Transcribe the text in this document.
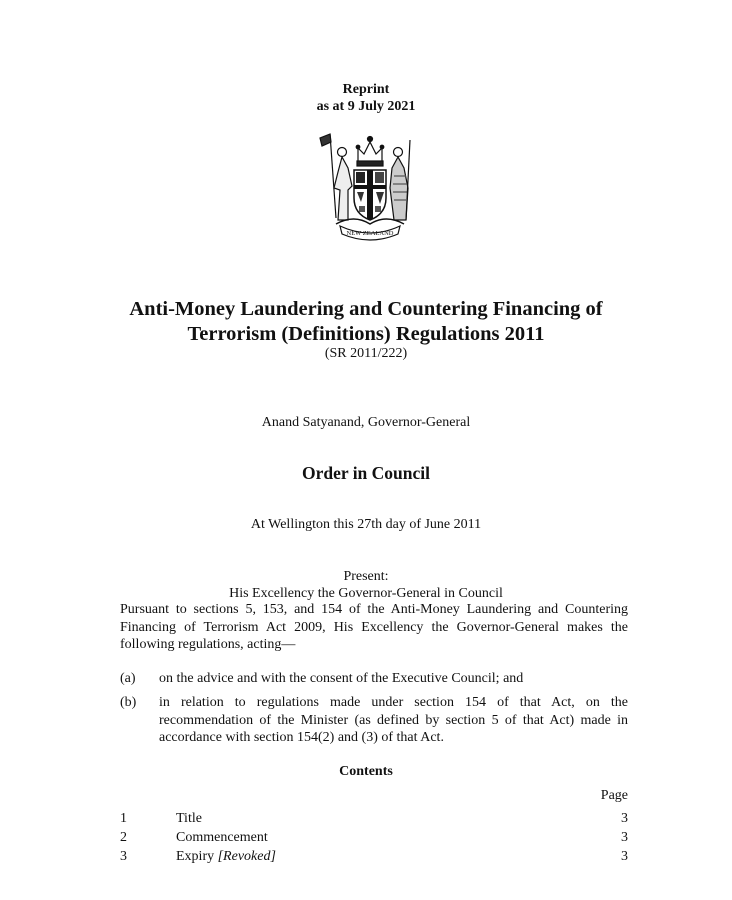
Reprint
as at 9 July 2021
NEW ZEALAND
Anti-Money Laundering and Countering Financing of
Terrorism (Definitions) Regulations 2011
(SR 2011/222)
Anand Satyanand, Governor-General
Order in Council
At Wellington this 27th day of June 2011
Present:
His Excellency the Governor-General in Council
Pursuant to sections 5, 153, and 154 of the Anti-Money Laundering and Countering Financing of Terrorism Act 2009, His Excellency the Governor-General makes the following regulations, acting—
(a)	on the advice and with the consent of the Executive Council; and
(b)	in relation to regulations made under section 154 of that Act, on the recommendation of the Minister (as defined by section 5 of that Act) made in accordance with section 154(2) and (3) of that Act.
Contents
Page
1	Title	3
2	Commencement	3
3	Expiry [Revoked]	3
